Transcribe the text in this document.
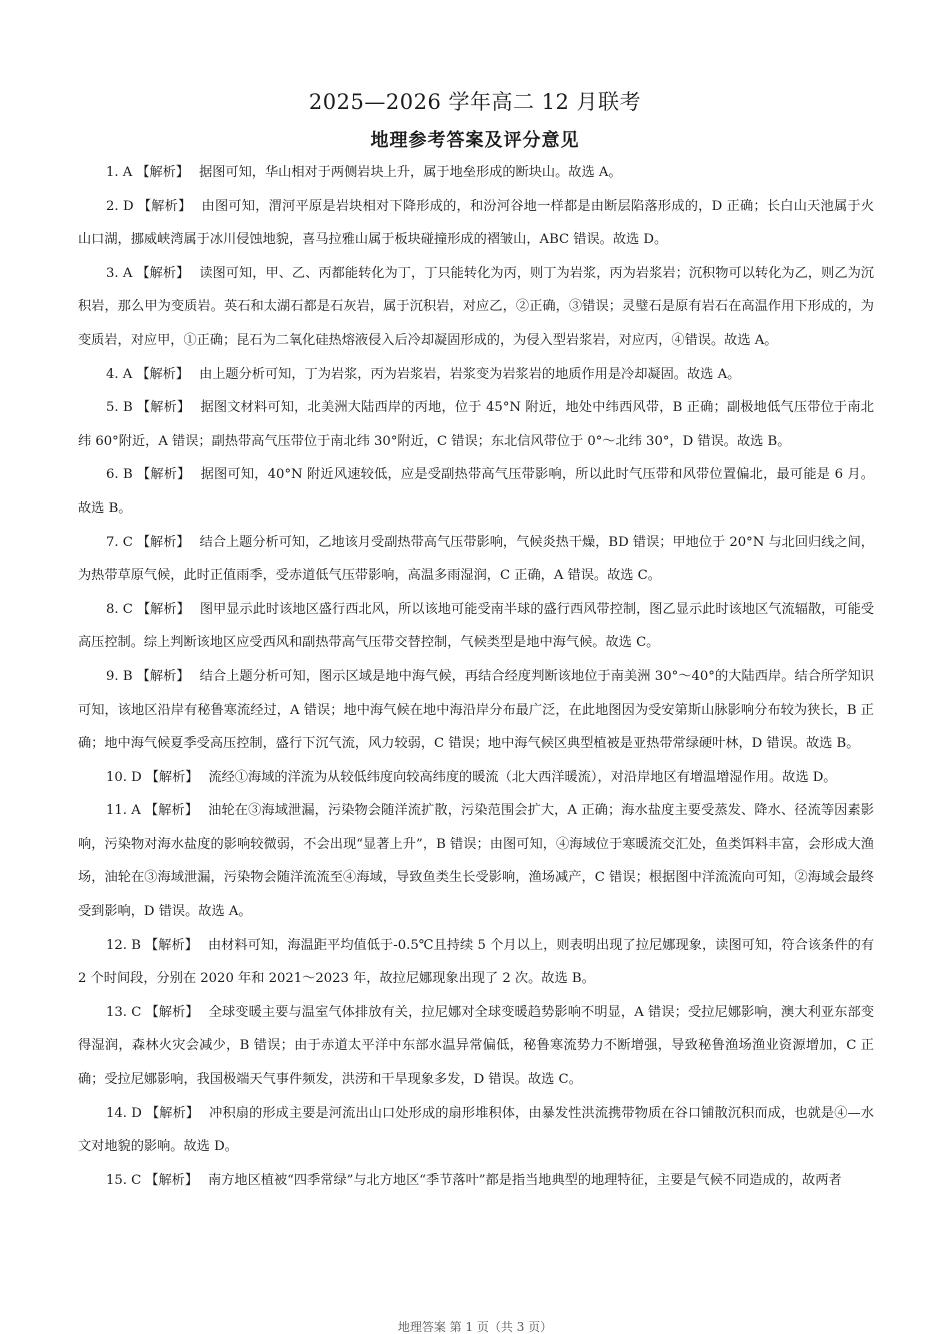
2025—2026 学年高二 12 月联考
地理参考答案及评分意见

1. A 【解析】 据图可知，华山相对于两侧岩块上升，属于地垒形成的断块山。故选 A。

2. D 【解析】 由图可知，渭河平原是岩块相对下降形成的，和汾河谷地一样都是由断层陷落形成的，D 正确；长白山天池属于火山口湖，挪威峡湾属于冰川侵蚀地貌，喜马拉雅山属于板块碰撞形成的褶皱山，ABC 错误。故选 D。

3. A 【解析】 读图可知，甲、乙、丙都能转化为丁，丁只能转化为丙，则丁为岩浆，丙为岩浆岩；沉积物可以转化为乙，则乙为沉积岩，那么甲为变质岩。英石和太湖石都是石灰岩，属于沉积岩，对应乙，②正确，③错误；灵璧石是原有岩石在高温作用下形成的，为变质岩，对应甲，①正确；昆石为二氧化硅热熔液侵入后冷却凝固形成的，为侵入型岩浆岩，对应丙，④错误。故选 A。

4. A 【解析】 由上题分析可知，丁为岩浆，丙为岩浆岩，岩浆变为岩浆岩的地质作用是冷却凝固。故选 A。

5. B 【解析】 据图文材料可知，北美洲大陆西岸的丙地，位于 45°N 附近，地处中纬西风带，B 正确；副极地低气压带位于南北纬 60°附近，A 错误；副热带高气压带位于南北纬 30°附近，C 错误；东北信风带位于 0°～北纬 30°，D 错误。故选 B。

6. B 【解析】 据图可知，40°N 附近风速较低，应是受副热带高气压带影响，所以此时气压带和风带位置偏北，最可能是 6 月。故选 B。

7. C 【解析】 结合上题分析可知，乙地该月受副热带高气压带影响，气候炎热干燥，BD 错误；甲地位于 20°N 与北回归线之间，为热带草原气候，此时正值雨季，受赤道低气压带影响，高温多雨湿润，C 正确，A 错误。故选 C。

8. C 【解析】 图甲显示此时该地区盛行西北风，所以该地可能受南半球的盛行西风带控制，图乙显示此时该地区气流辐散，可能受高压控制。综上判断该地区应受西风和副热带高气压带交替控制，气候类型是地中海气候。故选 C。

9. B 【解析】 结合上题分析可知，图示区域是地中海气候，再结合经度判断该地位于南美洲 30°～40°的大陆西岸。结合所学知识可知，该地区沿岸有秘鲁寒流经过，A 错误；地中海气候在地中海沿岸分布最广泛，在此地图因为受安第斯山脉影响分布较为狭长，B 正确；地中海气候夏季受高压控制，盛行下沉气流，风力较弱，C 错误；地中海气候区典型植被是亚热带常绿硬叶林，D 错误。故选 B。

10. D 【解析】 流经①海域的洋流为从较低纬度向较高纬度的暖流（北大西洋暖流），对沿岸地区有增温增湿作用。故选 D。

11. A 【解析】 油轮在③海域泄漏，污染物会随洋流扩散，污染范围会扩大，A 正确；海水盐度主要受蒸发、降水、径流等因素影响，污染物对海水盐度的影响较微弱，不会出现“显著上升”，B 错误；由图可知，④海域位于寒暖流交汇处，鱼类饵料丰富，会形成大渔场，油轮在③海域泄漏，污染物会随洋流流至④海域，导致鱼类生长受影响，渔场减产，C 错误；根据图中洋流流向可知，②海域会最终受到影响，D 错误。故选 A。

12. B 【解析】 由材料可知，海温距平均值低于-0.5℃且持续 5 个月以上，则表明出现了拉尼娜现象，读图可知，符合该条件的有 2 个时间段，分别在 2020 年和 2021～2023 年，故拉尼娜现象出现了 2 次。故选 B。

13. C 【解析】 全球变暖主要与温室气体排放有关，拉尼娜对全球变暖趋势影响不明显，A 错误；受拉尼娜影响，澳大利亚东部变得湿润，森林火灾会减少，B 错误；由于赤道太平洋中东部水温异常偏低，秘鲁寒流势力不断增强，导致秘鲁渔场渔业资源增加，C 正确；受拉尼娜影响，我国极端天气事件频发，洪涝和干旱现象多发，D 错误。故选 C。

14. D 【解析】 冲积扇的形成主要是河流出山口处形成的扇形堆积体，由暴发性洪流携带物质在谷口铺散沉积而成，也就是④—水文对地貌的影响。故选 D。

15. C 【解析】 南方地区植被“四季常绿”与北方地区“季节落叶”都是指当地典型的地理特征，主要是气候不同造成的，故两者

地理答案 第 1 页（共 3 页）
